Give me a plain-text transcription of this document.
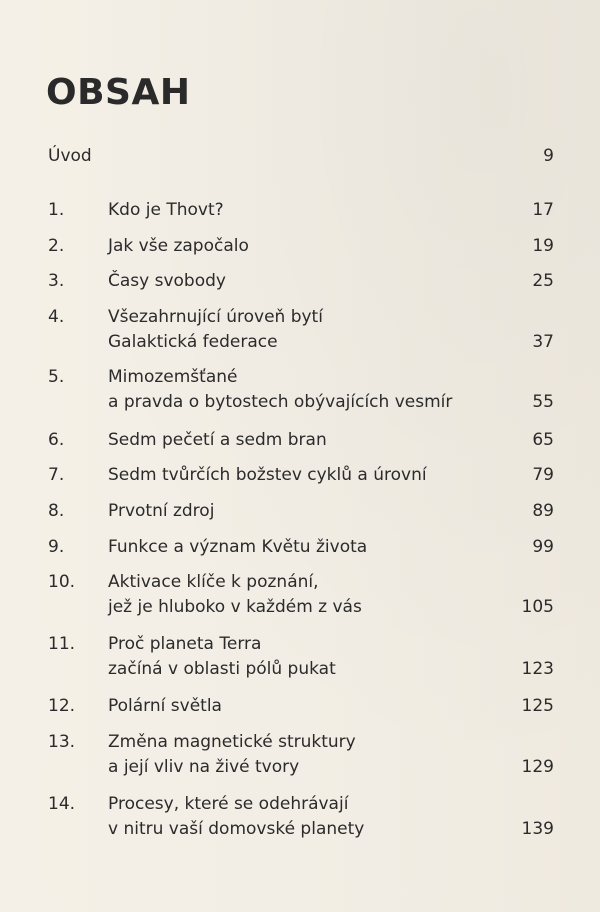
OBSAH
Úvod	9
1.	Kdo je Thovt?	17
2.	Jak vše započalo	19
3.	Časy svobody	25
4.	Všezahrnující úroveň bytí
Galaktická federace	37
5.	Mimozemšťané
a pravda o bytostech obývajících vesmír	55
6.	Sedm pečetí a sedm bran	65
7.	Sedm tvůrčích božstev cyklů a úrovní	79
8.	Prvotní zdroj	89
9.	Funkce a význam Květu života	99
10.	Aktivace klíče k poznání,
jež je hluboko v každém z vás	105
11.	Proč planeta Terra
začíná v oblasti pólů pukat	123
12.	Polární světla	125
13.	Změna magnetické struktury
a její vliv na živé tvory	129
14.	Procesy, které se odehrávají
v nitru vaší domovské planety	139
